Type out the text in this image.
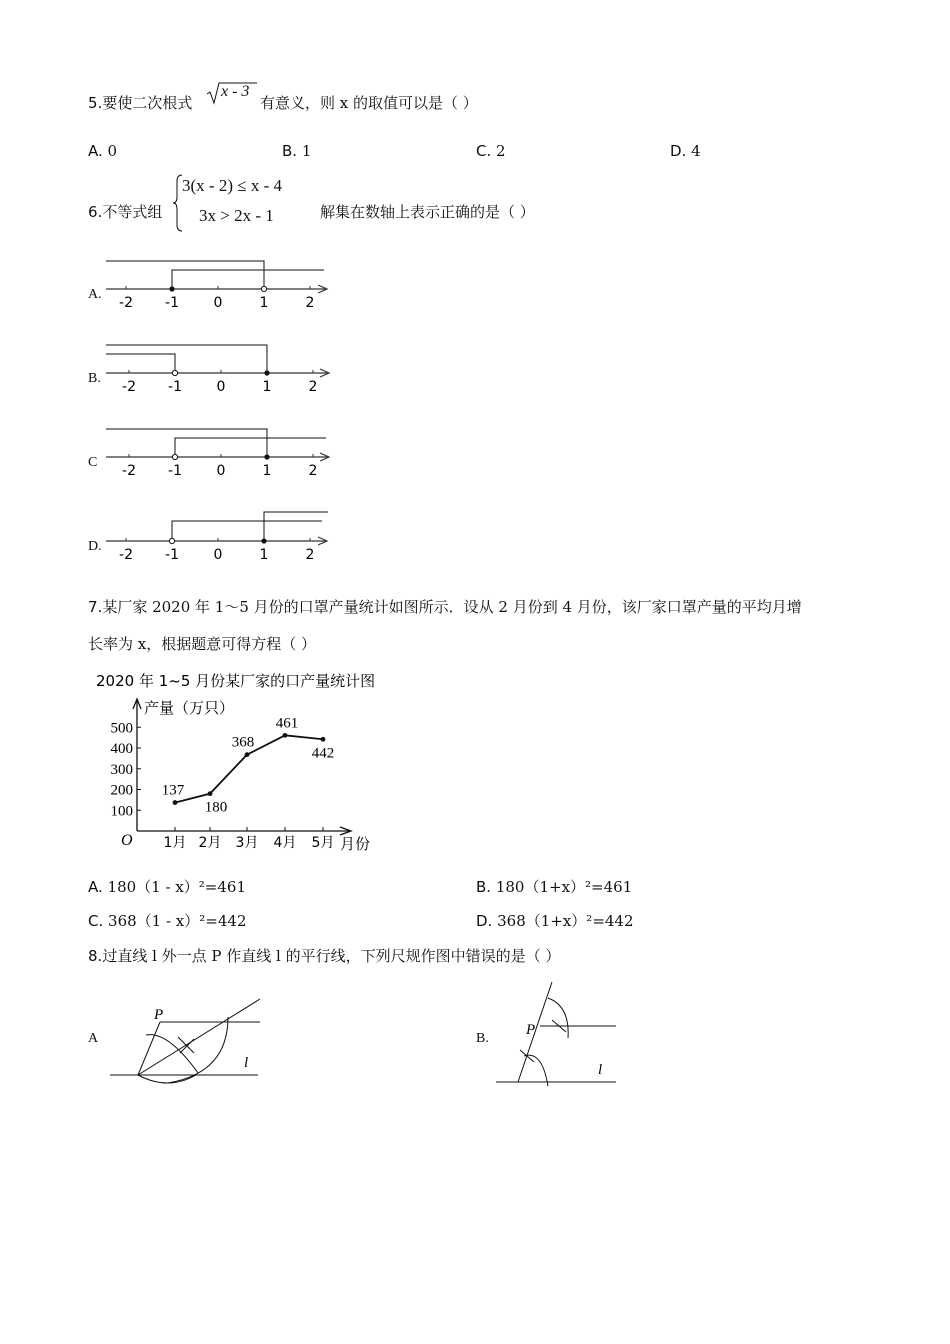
5.要使二次根式
x - 3
有意义，则 x 的取值可以是（ ）
A. 0	B. 1	C. 2	D. 4
6.不等式组
3(x - 2) ≤ x - 4
3x > 2x - 1	解集在数轴上表示正确的是（ ）
A.
-2 -1 0	1	2
B.
-2 -1 0	1	2
C
-2 -1 0	1	2
D.
-2 -1 0	1	2
7.某厂家 2020 年 1～5 月份的口罩产量统计如图所示．设从 2 月份到 4 月份，该厂家口罩产量的平均月增
长率为 x，根据题意可得方程（ ）
2020 年 1~5 月份某厂家的口产量统计图
产量（万只）
月份
O
100
200
300
400
500
1月 2月 3月 4月 5月
137
180
368
461
442
A. 180（1 - x）²=461	B. 180（1+x）²=461
C. 368（1 - x）²=442	D. 368（1+x）²=442
8.过直线 l 外一点 P 作直线 l 的平行线，下列尺规作图中错误的是（ ）
A
P
l
B.
P
l
